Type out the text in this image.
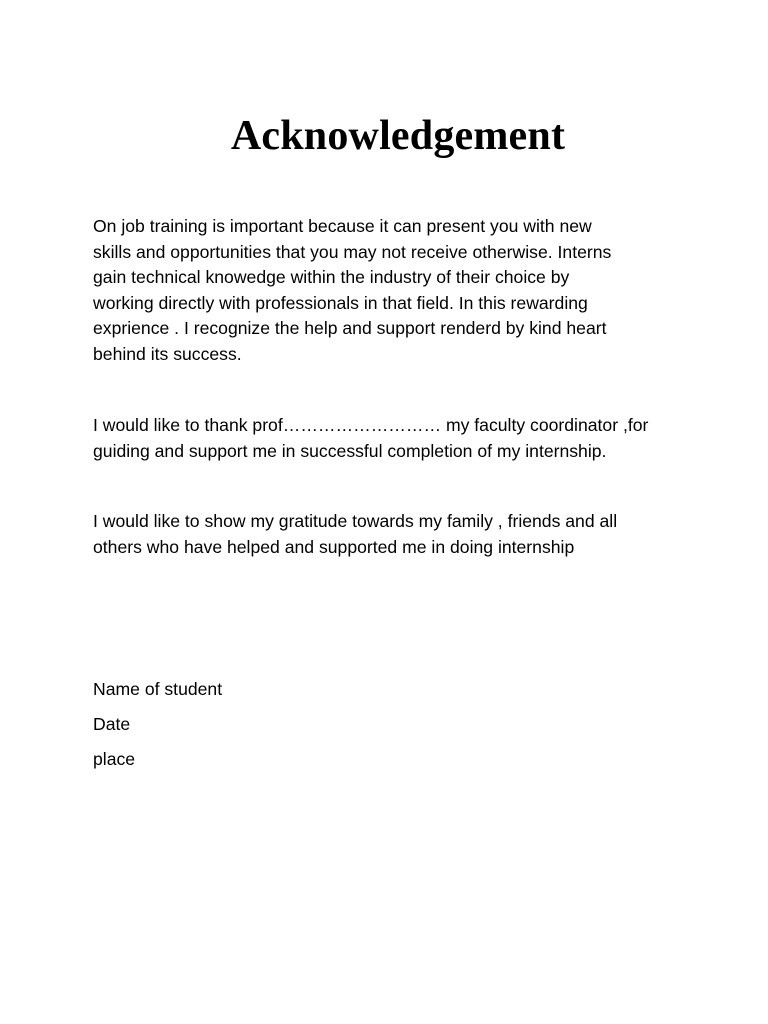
Acknowledgement

On job training is important because it can present you with new
skills and opportunities that you may not receive otherwise. Interns
gain technical knowedge within the industry of their choice by
working directly with professionals in that field. In this rewarding
exprience . I recognize the help and support renderd by kind heart
behind its success.

I would like to thank prof……………………… my faculty coordinator ,for
guiding and support me in successful completion of my internship.

I would like to show my gratitude towards my family , friends and all
others who have helped and supported me in doing internship

Name of student

Date

place
